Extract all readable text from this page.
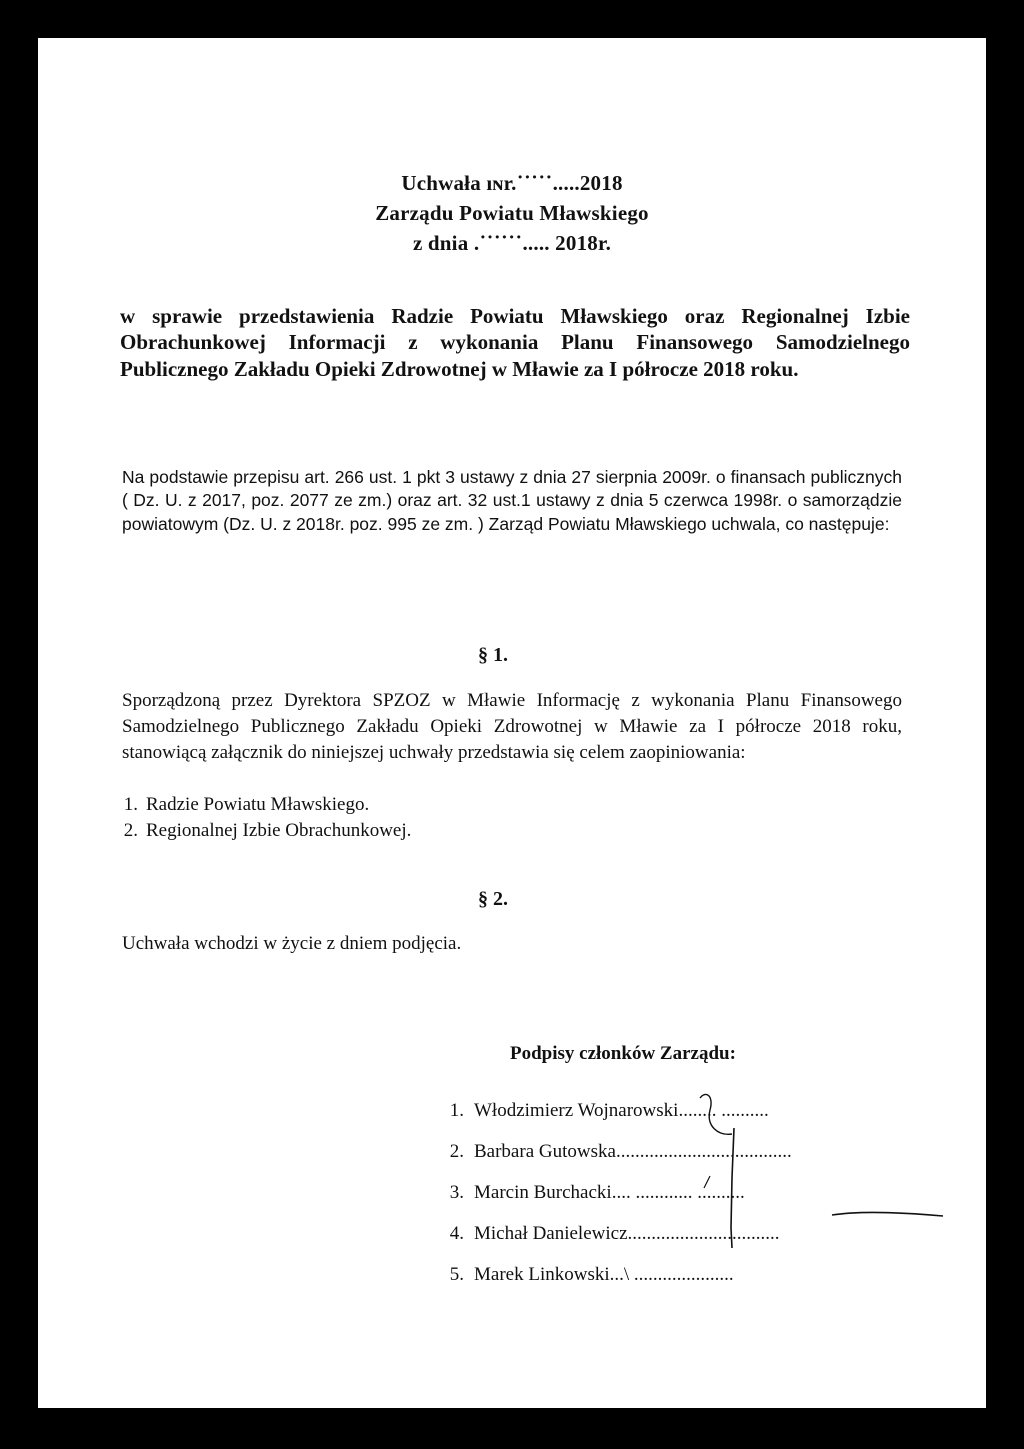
Uchwała ıɴr.˙˙˙˙˙.....2018
Zarządu Powiatu Mławskiego
z dnia .˙˙˙˙˙˙..... 2018r.
w sprawie przedstawienia Radzie Powiatu Mławskiego oraz Regionalnej Izbie Obrachunkowej Informacji z wykonania Planu Finansowego Samodzielnego Publicznego Zakładu Opieki Zdrowotnej w Mławie za I półrocze 2018 roku.
Na podstawie przepisu art. 266 ust. 1 pkt 3 ustawy z dnia 27 sierpnia 2009r. o finansach publicznych ( Dz. U. z 2017, poz. 2077 ze zm.) oraz art. 32 ust.1 ustawy z dnia 5 czerwca 1998r. o samorządzie powiatowym (Dz. U. z 2018r. poz. 995 ze zm. ) Zarząd Powiatu Mławskiego uchwala, co następuje:
§ 1.
Sporządzoną przez Dyrektora SPZOZ w Mławie Informację z wykonania Planu Finansowego Samodzielnego Publicznego Zakładu Opieki Zdrowotnej w Mławie za I półrocze 2018 roku, stanowiącą załącznik do niniejszej uchwały przedstawia się celem zaopiniowania:
1. Radzie Powiatu Mławskiego.
2. Regionalnej Izbie Obrachunkowej.
§ 2.
Uchwała wchodzi w życie z dniem podjęcia.
Podpisy członków Zarządu:
1. Włodzimierz Wojnarowski........ ..........
2. Barbara Gutowska.....................................
3. Marcin Burchacki.... ............ ..........
4. Michał Danielewicz................................
5. Marek Linkowski...\ .....................
